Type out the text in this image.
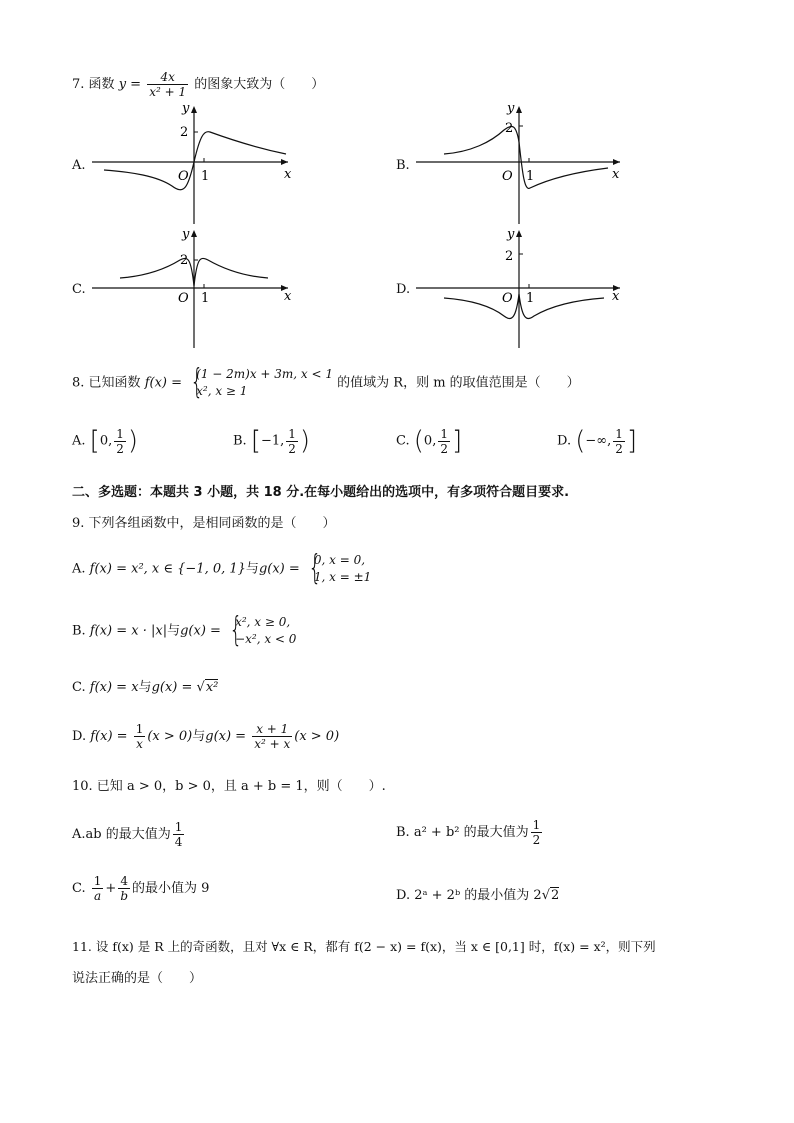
7. 函数 $y = \frac{4x}{\text{x² + 1}}$ 的图象大致为（　　）
A.
y
x
O 1
2
B.
y
x
O 1
2
C.
y
x
O 1
2
D.
y
x
O 1
2
8. 已知函数 f(x) =
{ (1 − 2m)x + 3m, x < 1
x², x ≥ 1
的值域为 R，则 m 的取值范围是（　　）
A. [0, $\frac{1}{2}$ )	B. [−1, $\frac{1}{2}$ )	C. (0, $\frac{1}{2}$ ]	D. (−∞, $\frac{1}{2}$ ]
二、多选题：本题共 3 小题，共 18 分.在每小题给出的选项中，有多项符合题目要求.
9. 下列各组函数中，是相同函数的是（　　）
A. f(x) = x², x ∈ {−1, 0, 1}与g(x) =
{ 0, x = 0,
1, x = ±1
B. f(x) = x · |x|与g(x) =
{ x², x ≥ 0,
−x², x < 0
C. f(x) = x与g(x) = √x²
D. $f(x) = \frac{1}{x} (x > 0)$与$g(x) = \frac{x + 1}{\text{x² + x}} (x > 0)$
10. 已知 a > 0，b > 0，且 a + b = 1，则（　　）.
A.ab 的最大值为 $\frac{1}{4}$	B. a² + b² 的最大值为 $\frac{1}{2}$
C. $\frac{1}{a} + \frac{4}{b}$ 的最小值为 9	D. 2ᵃ + 2ᵇ 的最小值为 2√2
11. 设 f(x) 是 R 上的奇函数，且对 ∀x ∈ R，都有 f(2 − x) = f(x)，当 x ∈ [0,1] 时，f(x) = x²，则下列
说法正确的是（　　）
